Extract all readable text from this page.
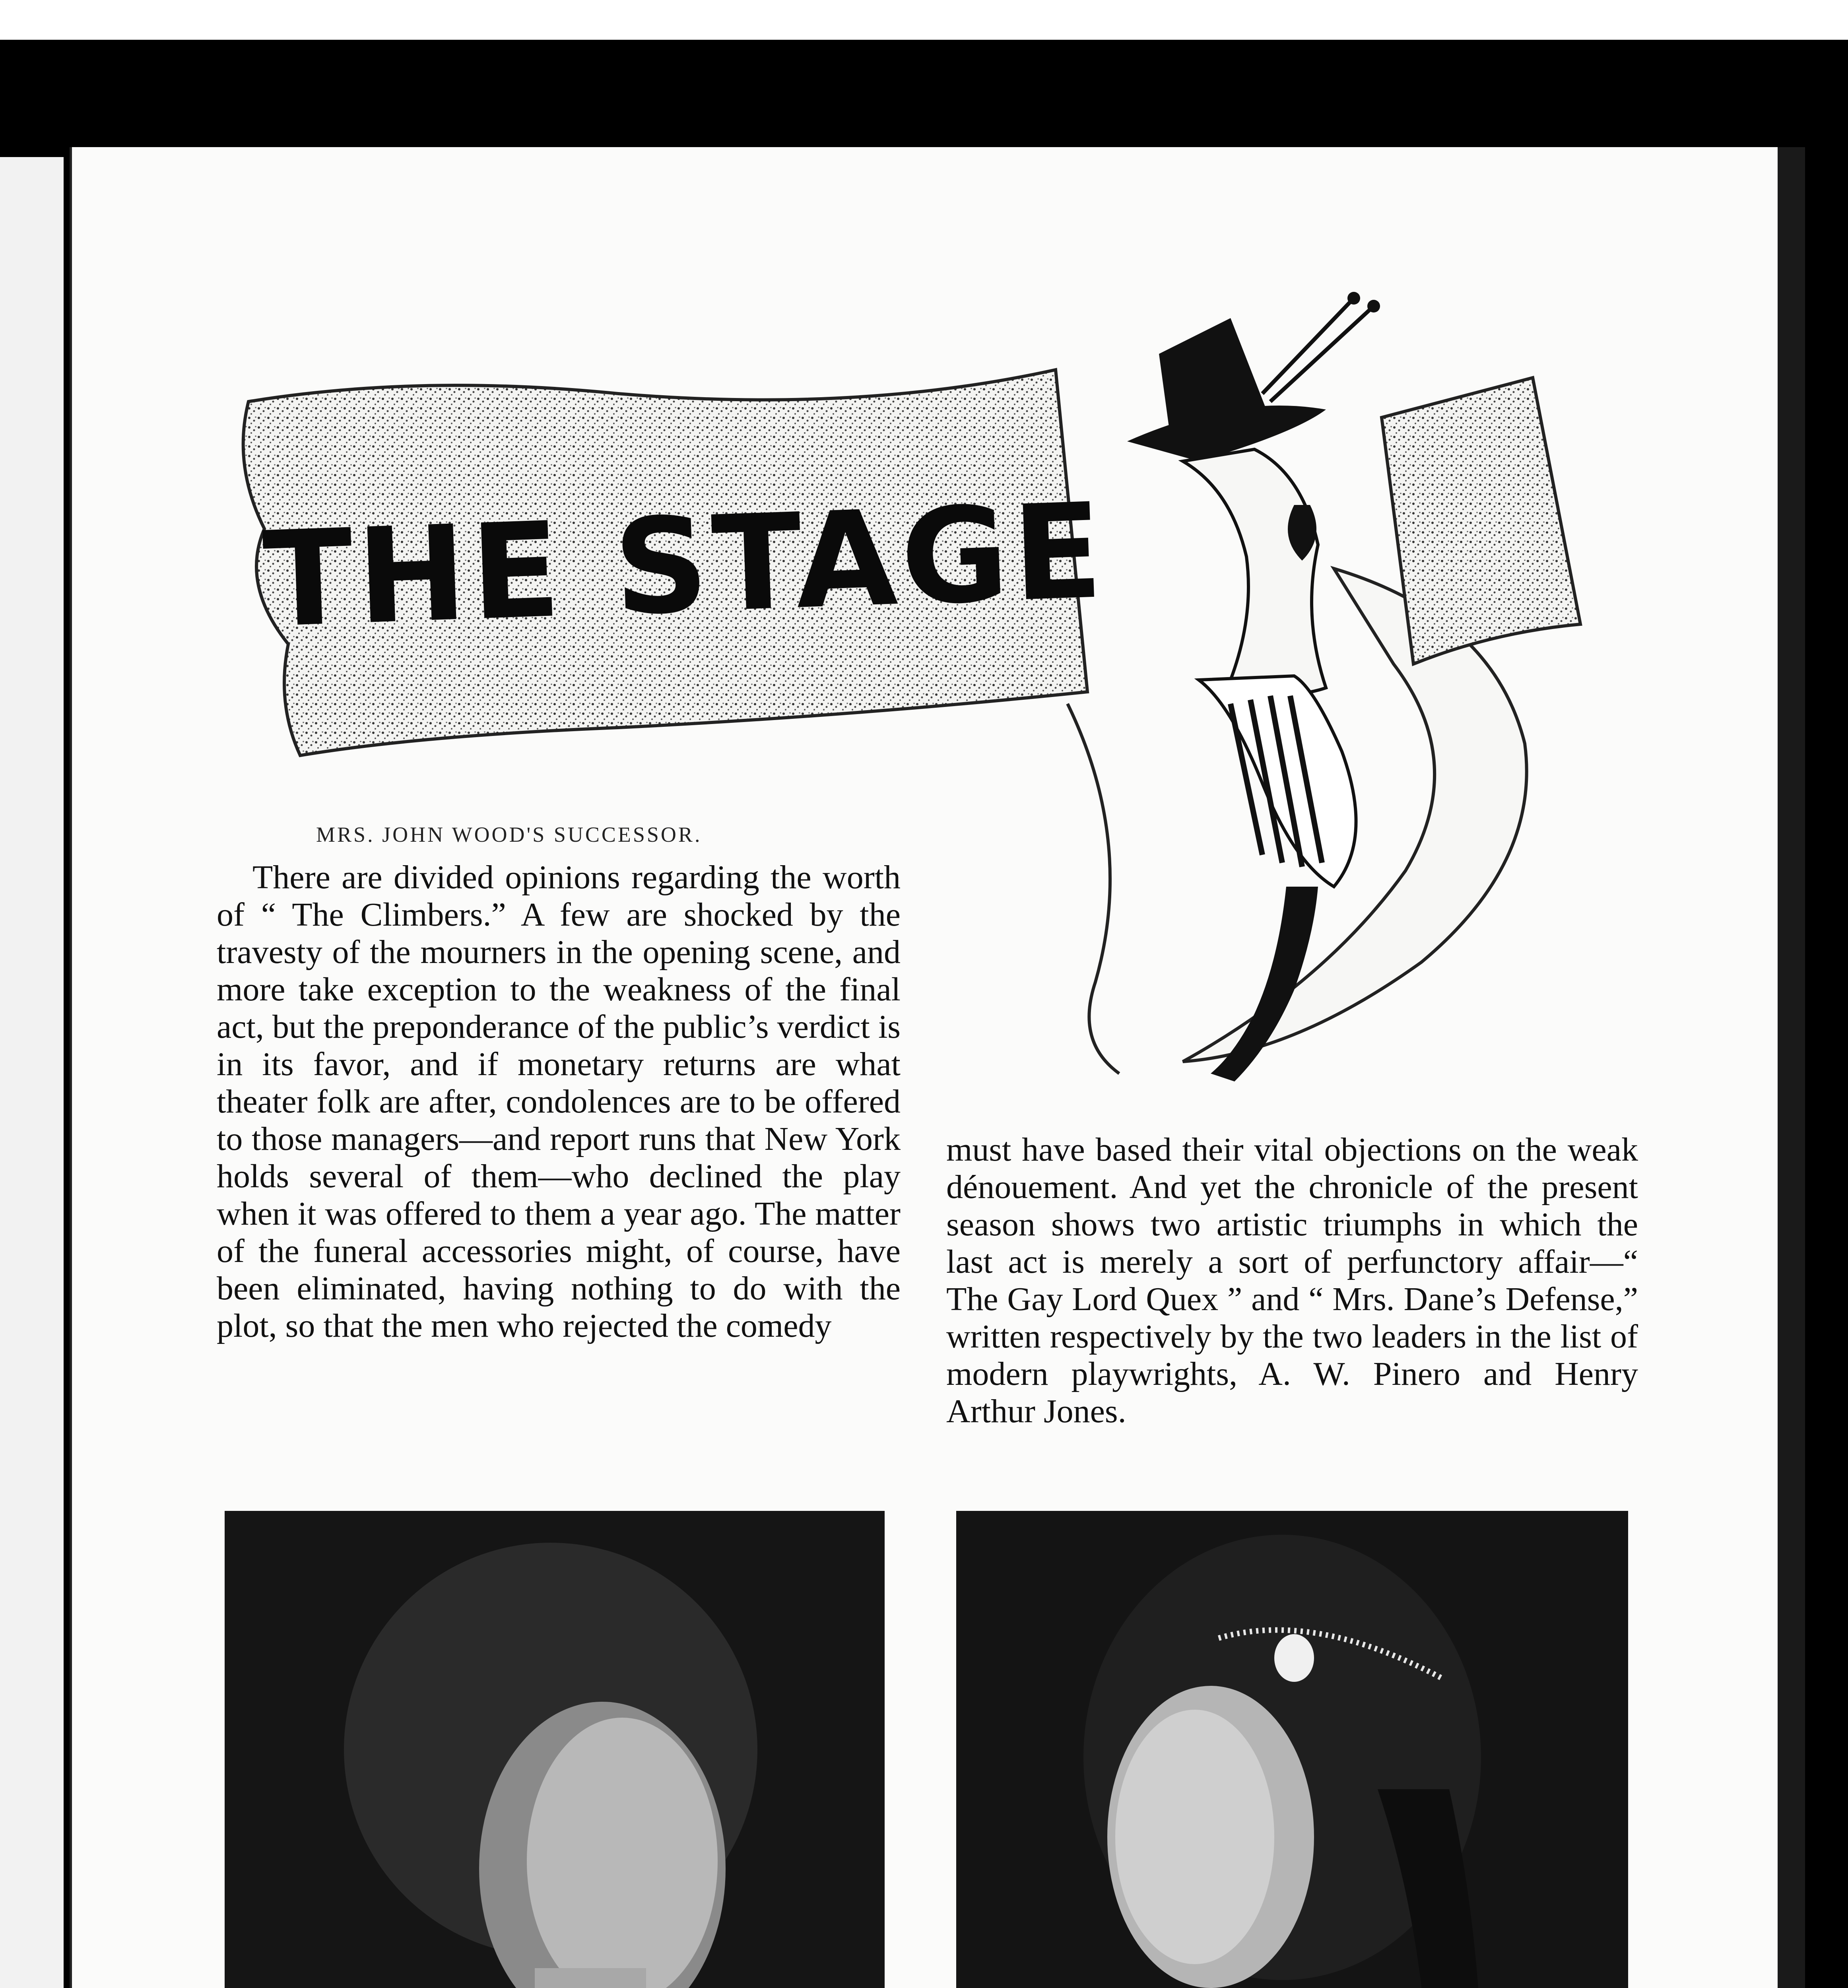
THE STAGE
MRS. JOHN WOOD'S SUCCESSOR.

There are divided opinions regarding the worth of “ The Climbers.” A few are shocked by the travesty of the mourners in the opening scene, and more take exception to the weakness of the final act, but the preponderance of the public’s verdict is in its favor, and if monetary returns are what theater folk are after, condolences are to be offered to those managers—and report runs that New York holds several of them—who declined the play when it was offered to them a year ago. The matter of the funeral accessories might, of course, have been eliminated, having nothing to do with the plot, so that the men who rejected the comedy

must have based their vital objections on the weak dénouement. And yet the chronicle of the present season shows two artistic triumphs in which the last act is merely a sort of perfunctory affair—“ The Gay Lord Quex ” and “ Mrs. Dane’s Defense,” written respectively by the two leaders in the list of modern playwrights, A. W. Pinero and Henry Arthur Jones.
